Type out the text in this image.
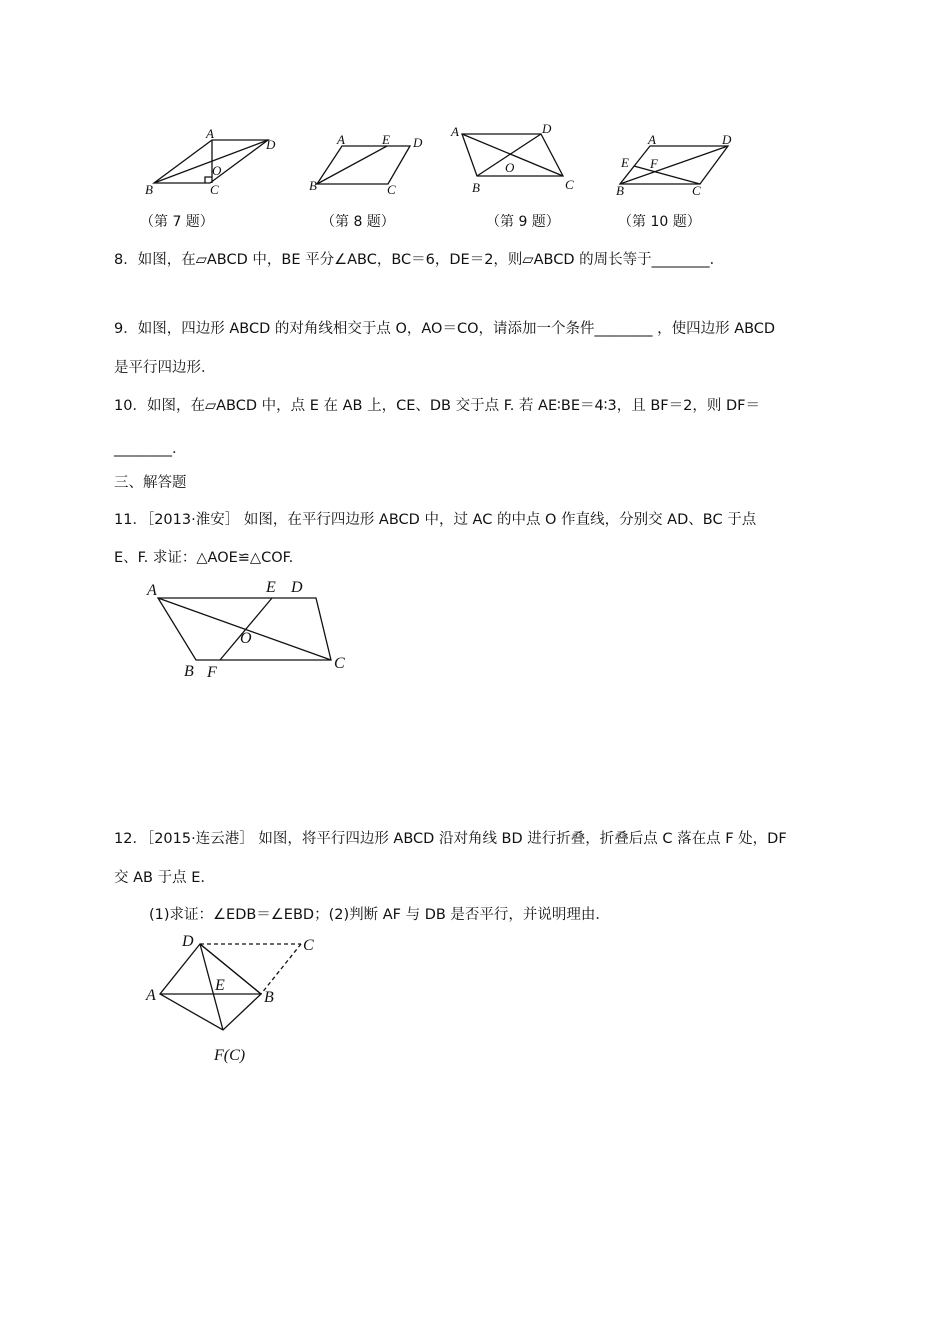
A
D
B	C
O
（第 7 题）
A	E D
B	C
（第 8 题）
A	D
O
B	C
（第 9 题）
A	D
E F
B	C
（第 10 题）
8．如图，在▱ABCD 中，BE 平分∠ABC，BC＝6，DE＝2，则▱ABCD 的周长等于________．
9．如图，四边形 ABCD 的对角线相交于点 O，AO＝CO，请添加一个条件________ ，使四边形 ABCD
是平行四边形．
10．如图，在▱ABCD 中，点 E 在 AB 上，CE、DB 交于点 F. 若 AE∶BE＝4∶3，且 BF＝2，则 DF＝
________．
三、解答题
11．［2013·淮安］ 如图，在平行四边形 ABCD 中，过 AC 的中点 O 作直线，分别交 AD、BC 于点
E、F. 求证：△AOE≌△COF.
A	E D
O
B F
C
12．［2015·连云港］ 如图，将平行四边形 ABCD 沿对角线 BD 进行折叠，折叠后点 C 落在点 F 处，DF
交 AB 于点 E.
(1)求证：∠EDB＝∠EBD；(2)判断 AF 与 DB 是否平行，并说明理由．
D	C
A
E
B
F(C)
